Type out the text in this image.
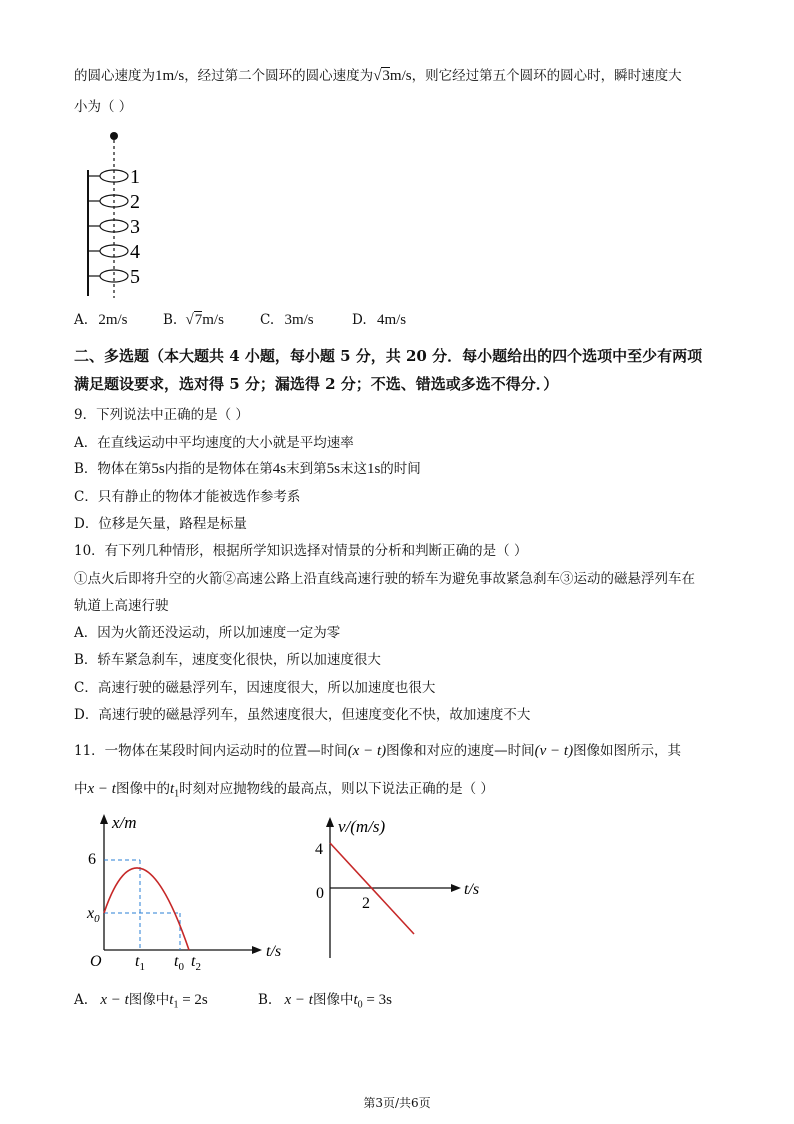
的圆心速度为1m/s，经过第二个圆环的圆心速度为√3m/s，则它经过第五个圆环的圆心时，瞬时速度大
小为（ ）
1
2
3
4
5
A. 2m/s	B. √7m/s	C. 3m/s	D. 4m/s
二、多选题（本大题共 4 小题，每小题 5 分，共 20 分．每小题给出的四个选项中至少有两项
满足题设要求，选对得 5 分；漏选得 2 分；不选、错选或多选不得分．）
9．下列说法中正确的是（ ）
A．在直线运动中平均速度的大小就是平均速率
B．物体在第5s内指的是物体在第4s末到第5s末这1s的时间
C．只有静止的物体才能被选作参考系
D．位移是矢量，路程是标量
10．有下列几种情形，根据所学知识选择对情景的分析和判断正确的是（ ）
①点火后即将升空的火箭②高速公路上沿直线高速行驶的轿车为避免事故紧急刹车③运动的磁悬浮列车在
轨道上高速行驶
A．因为火箭还没运动，所以加速度一定为零
B．轿车紧急刹车，速度变化很快，所以加速度很大
C．高速行驶的磁悬浮列车，因速度很大，所以加速度也很大
D．高速行驶的磁悬浮列车，虽然速度很大，但速度变化不快，故加速度不大
11．一物体在某段时间内运动时的位置—时间(x − t)图像和对应的速度—时间(v − t)图像如图所示，其
中x − t图像中的$t_1$时刻对应抛物线的最高点，则以下说法正确的是（ ）
x/m
t/s
6
$x_0$
O $t_1$ $t_0$ $t_2$
v/(m/s)
t/s
4
0
2
A. x − t图像中$t_1 = 2s$	B. x − t图像中$t_0 = 3s$
第3页/共6页
